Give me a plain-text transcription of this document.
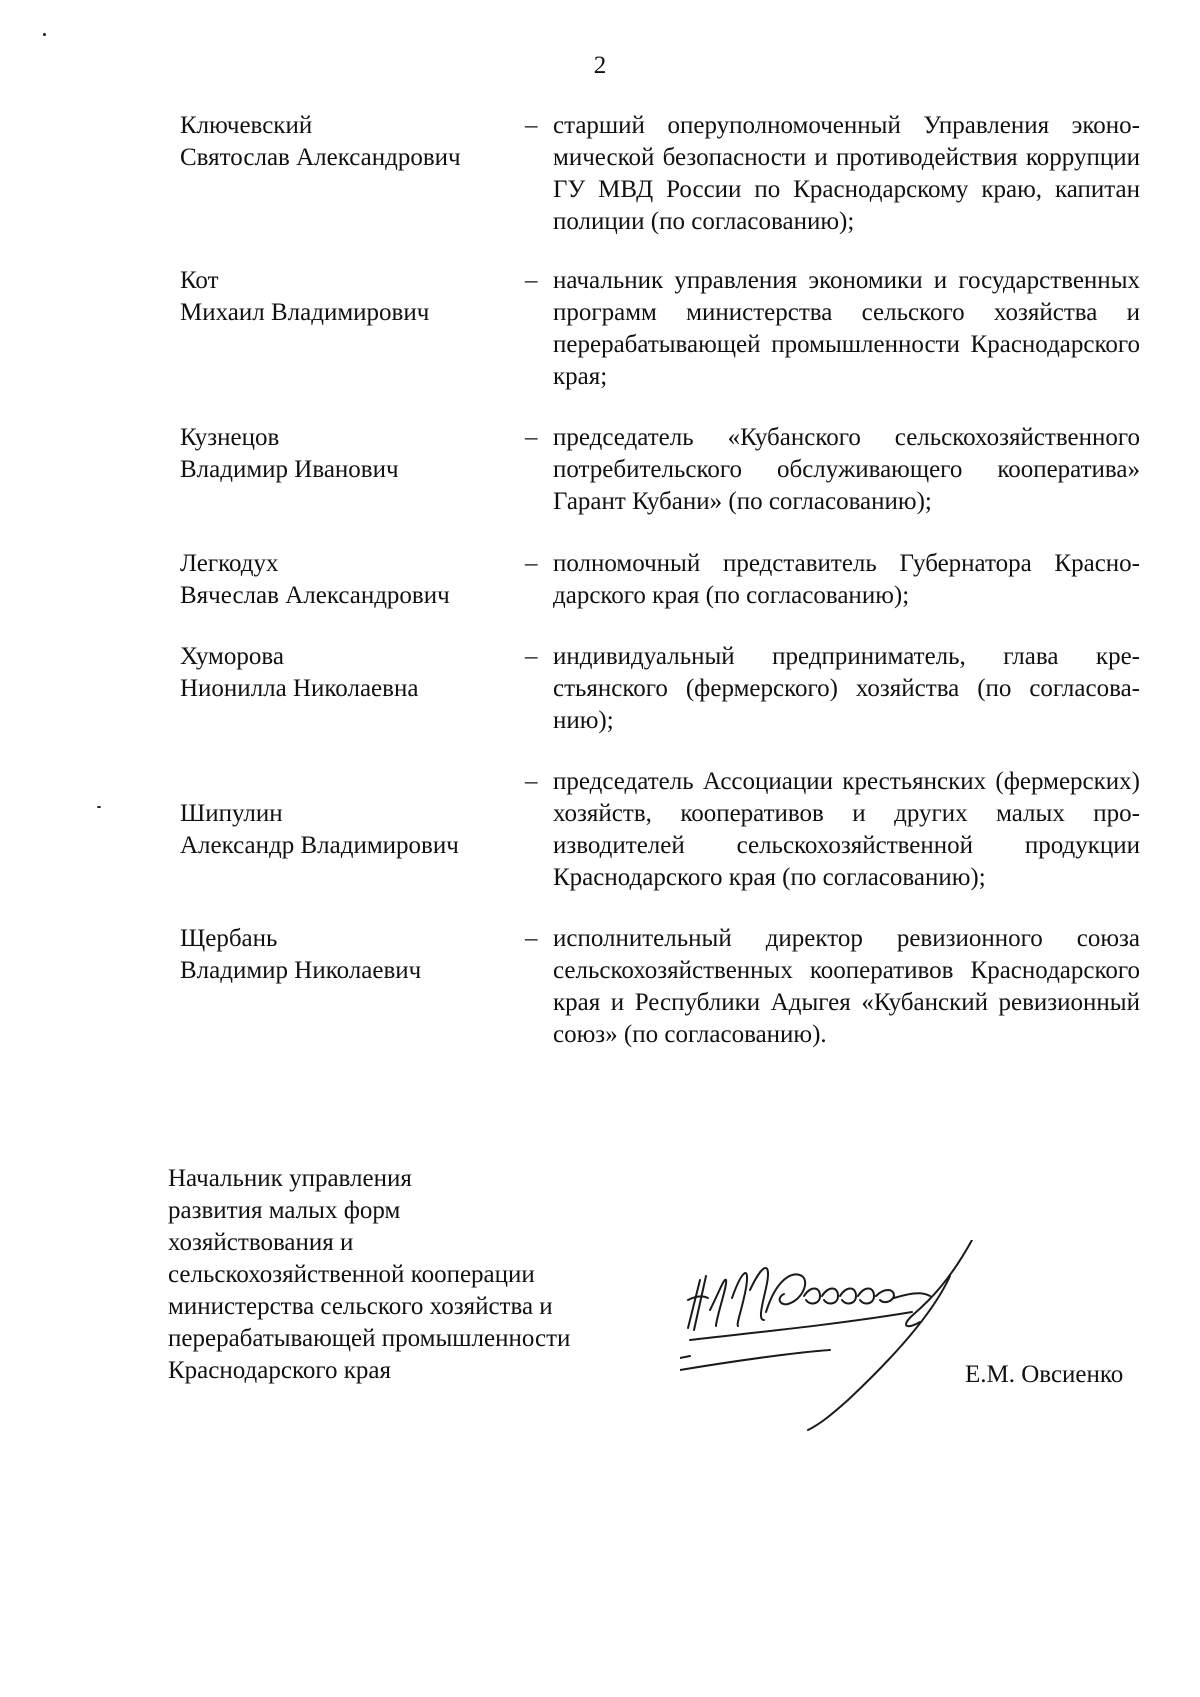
2
Ключевский
Святослав Александрович
– старший оперуполномоченный Управления экономической безопасности и противодействия коррупции ГУ МВД России по Краснодарскому краю, капитан полиции (по согласованию);
Кот
Михаил Владимирович
– начальник управления экономики и государственных программ министерства сельского хозяйства и перерабатывающей промышленности Краснодарского края;
Кузнецов
Владимир Иванович
– председатель «Кубанского сельскохозяйственного потребительского обслуживающего кооператива» Гарант Кубани» (по согласованию);
Легкодух
Вячеслав Александрович
– полномочный представитель Губернатора Краснодарского края (по согласованию);
Хуморова
Нионилла Николаевна
– индивидуальный предприниматель, глава крестьянского (фермерского) хозяйства (по согласованию);
Шипулин
Александр Владимирович
– председатель Ассоциации крестьянских (фермерских) хозяйств, кооперативов и других малых производителей сельскохозяйственной продукции Краснодарского края (по согласованию);
Щербань
Владимир Николаевич
– исполнительный директор ревизионного союза сельскохозяйственных кооперативов Краснодарского края и Республики Адыгея «Кубанский ревизионный союз» (по согласованию).
Начальник управления
развития малых форм
хозяйствования и
сельскохозяйственной кооперации
министерства сельского хозяйства и
перерабатывающей промышленности
Краснодарского края	Е.М. Овсиенко
